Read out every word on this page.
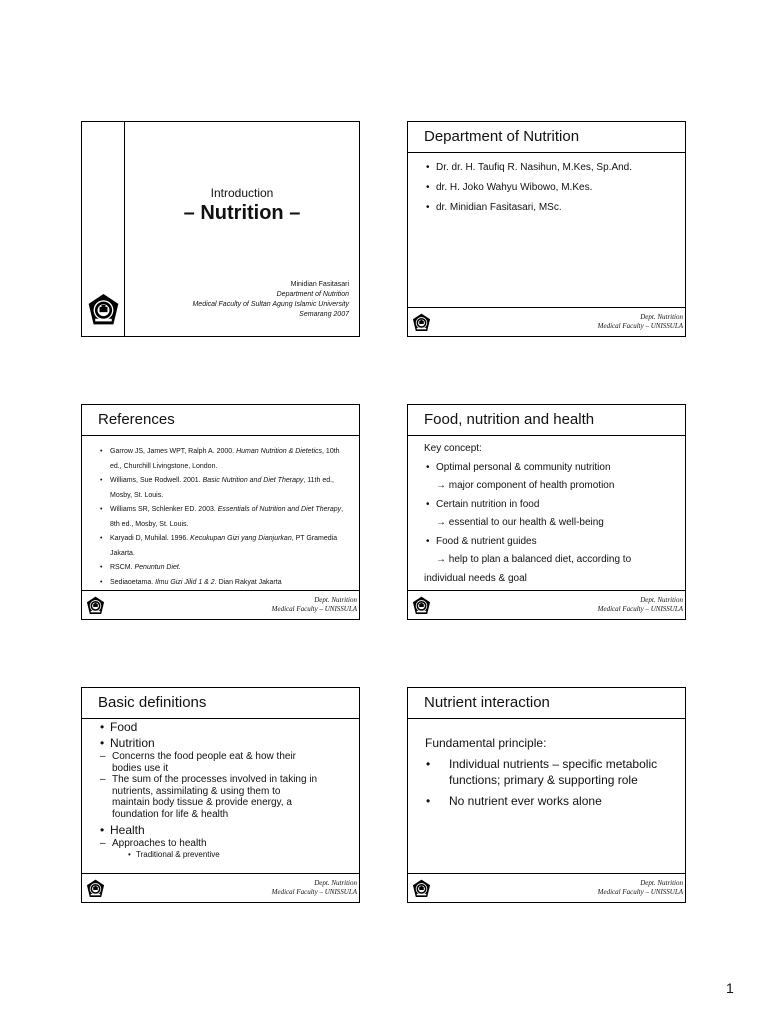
Introduction
– Nutrition –
Minidian Fasitasari
Department of Nutrition
Medical Faculty of Sultan Agung Islamic University
Semarang 2007
Department of Nutrition
• Dr. dr. H. Taufiq R. Nasihun, M.Kes, Sp.And.
• dr. H. Joko Wahyu Wibowo, M.Kes.
• dr. Minidian Fasitasari, MSc.
Dept. Nutrition
Medical Faculty – UNISSULA
References
• Garrow JS, James WPT, Ralph A. 2000. Human Nutrition & Dietetics, 10th ed., Churchill Livingstone, London.
• Williams, Sue Rodwell. 2001. Basic Nutrition and Diet Therapy, 11th ed., Mosby, St. Louis.
• Williams SR, Schlenker ED. 2003. Essentials of Nutrition and Diet Therapy, 8th ed., Mosby, St. Louis.
• Karyadi D, Muhilal. 1996. Kecukupan Gizi yang Dianjurkan, PT Gramedia Jakarta.
• RSCM. Penuntun Diet.
• Sediaoetama. Ilmu Gizi Jilid 1 & 2. Dian Rakyat Jakarta
Dept. Nutrition
Medical Faculty – UNISSULA
Food, nutrition and health
Key concept:
• Optimal personal & community nutrition
→ major component of health promotion
• Certain nutrition in food
→ essential to our health & well-being
• Food & nutrient guides
→ help to plan a balanced diet, according to
individual needs & goal
Dept. Nutrition
Medical Faculty – UNISSULA
Basic definitions
• Food
• Nutrition
– Concerns the food people eat & how their
bodies use it
– The sum of the processes involved in taking in
nutrients, assimilating & using them to
maintain body tissue & provide energy, a
foundation for life & health
• Health
– Approaches to health
• Traditional & preventive
Dept. Nutrition
Medical Faculty – UNISSULA
Nutrient interaction
Fundamental principle:
• Individual nutrients – specific metabolic
functions; primary & supporting role
• No nutrient ever works alone
Dept. Nutrition
Medical Faculty – UNISSULA
1
